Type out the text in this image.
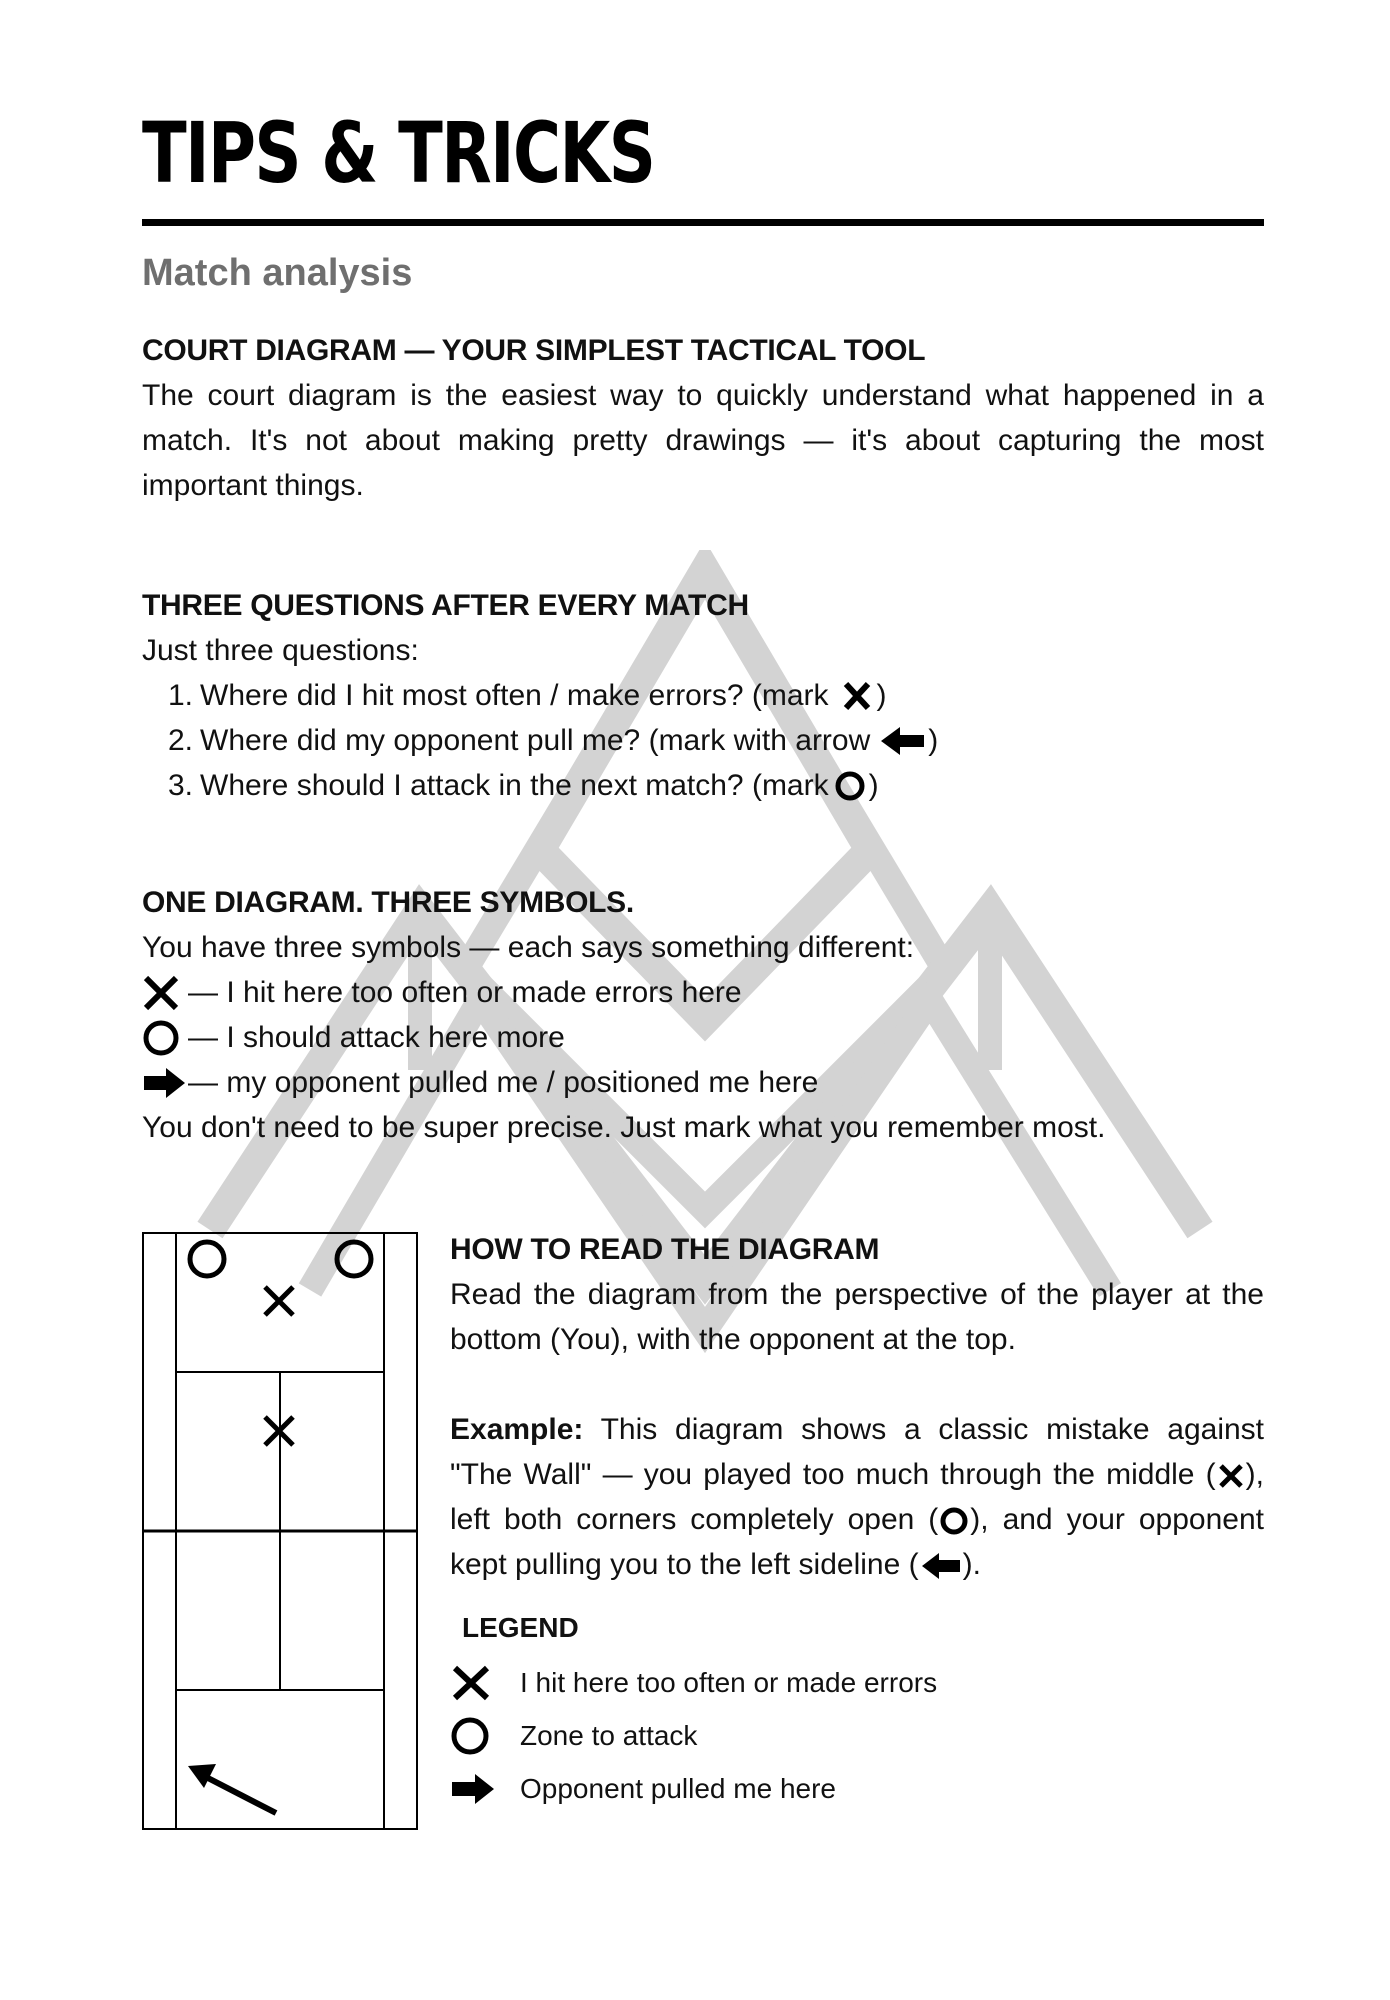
TIPS & TRICKS
Match analysis
COURT DIAGRAM — YOUR SIMPLEST TACTICAL TOOL
The court diagram is the easiest way to quickly understand what happened in a match. It's not about making pretty drawings — it's about capturing the most important things.
THREE QUESTIONS AFTER EVERY MATCH
Just three questions:
1. Where did I hit most often / make errors? (mark )
2. Where did my opponent pull me? (mark with arrow )
3. Where should I attack in the next match? (mark )
ONE DIAGRAM. THREE SYMBOLS.
You have three symbols — each says something different:
— I hit here too often or made errors here
— I should attack here more
— my opponent pulled me / positioned me here
You don't need to be super precise. Just mark what you remember most.
HOW TO READ THE DIAGRAM
Read the diagram from the perspective of the player at the bottom (You), with the opponent at the top.
Example: This diagram shows a classic mistake against "The Wall" — you played too much through the middle ( ), left both corners completely open ( ), and your opponent kept pulling you to the left sideline ( ).
LEGEND
I hit here too often or made errors
Zone to attack
Opponent pulled me here
